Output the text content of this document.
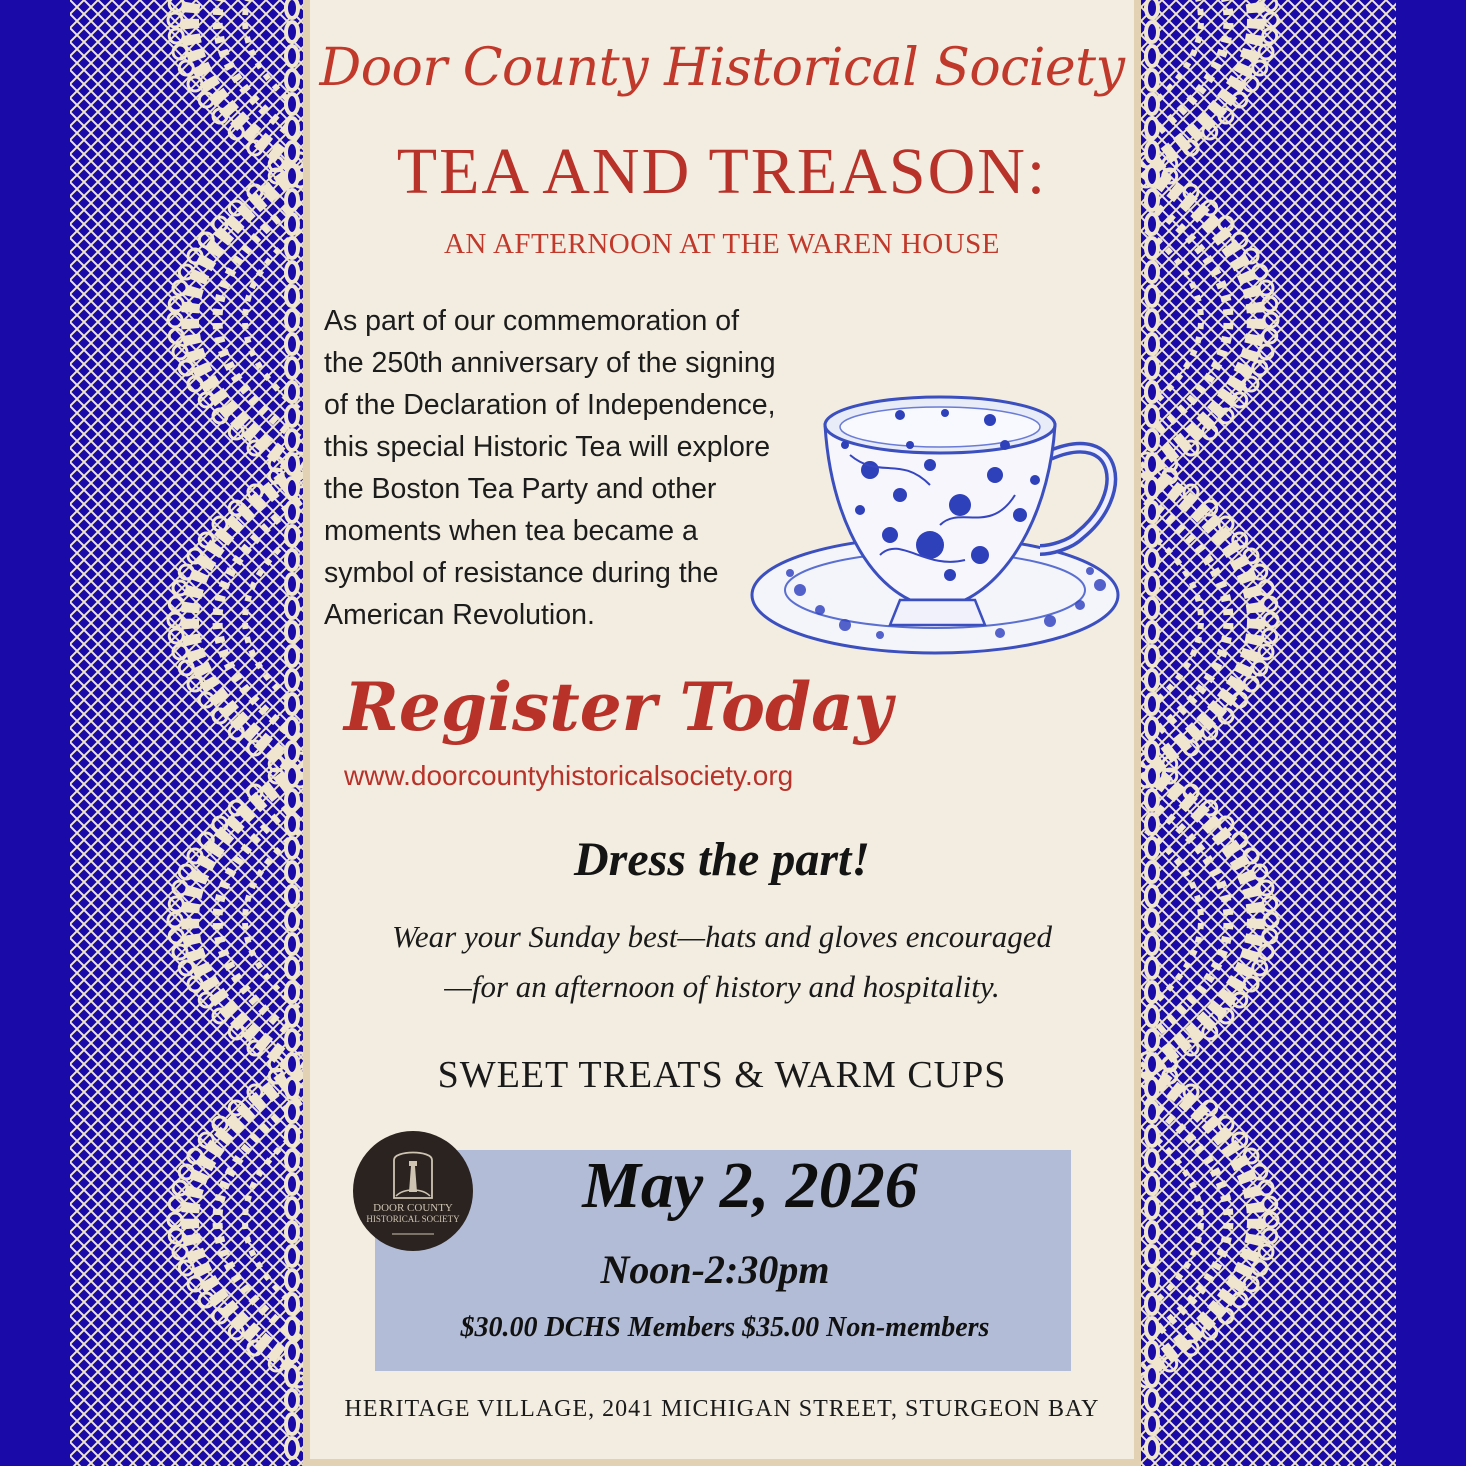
Door County Historical Society
TEA AND TREASON:
AN AFTERNOON AT THE WAREN HOUSE
As part of our commemoration of
the 250th anniversary of the signing
of the Declaration of Independence,
this special Historic Tea will explore
the Boston Tea Party and other
moments when tea became a
symbol of resistance during the
American Revolution.
Register Today
www.doorcountyhistoricalsociety.org
Dress the part!
Wear your Sunday best—hats and gloves encouraged
—for an afternoon of history and hospitality.
SWEET TREATS & WARM CUPS
May 2, 2026
Noon-2:30pm
$30.00 DCHS Members $35.00 Non-members
DOOR COUNTY
HISTORICAL SOCIETY
HERITAGE VILLAGE, 2041 MICHIGAN STREET, STURGEON BAY
